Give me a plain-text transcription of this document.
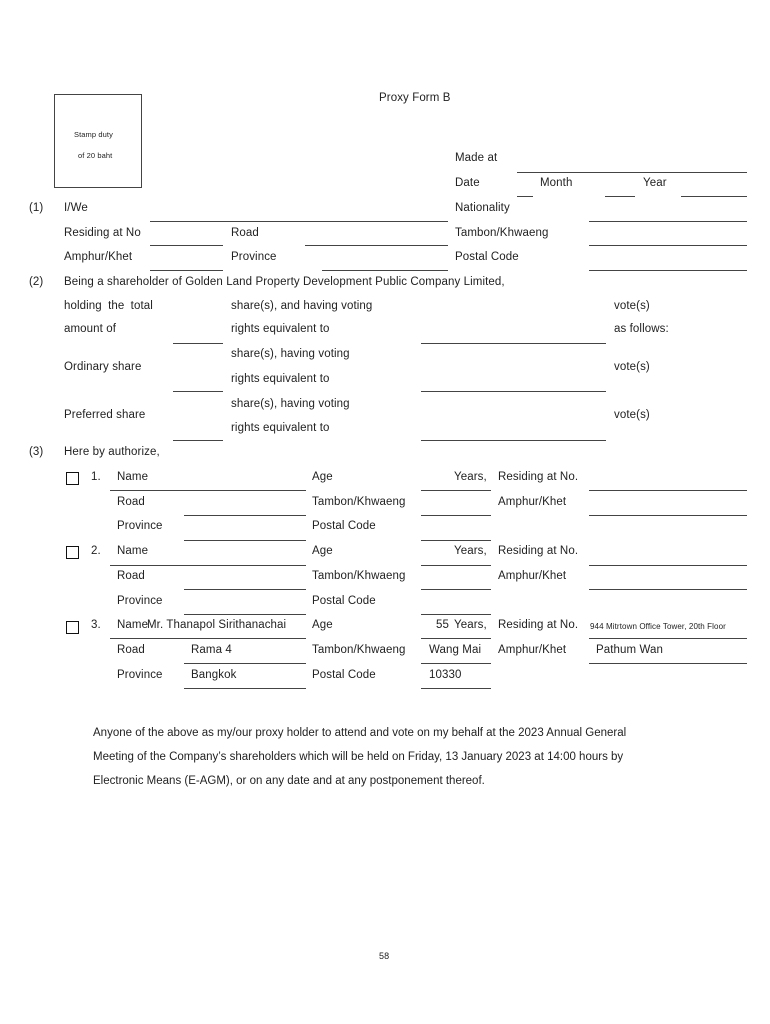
Proxy Form B
Stamp duty
of 20 baht	Made at
Date	Month	Year
(1) I/We	Nationality
Residing at No	Road	Tambon/Khwaeng
Amphur/Khet	Province	Postal Code
(2) Being a shareholder of Golden Land Property Development Public Company Limited,
holding the total
amount of
share(s), and having voting
rights equivalent to
vote(s)
as follows:
Ordinary share
share(s), having voting
rights equivalent to
vote(s)
Preferred share
share(s), having voting
rights equivalent to
vote(s)
(3) Here by authorize,
1. Name	Age	Years, Residing at No.
Road	Tambon/Khwaeng	Amphur/Khet
Province	Postal Code
2. Name	Age	Years, Residing at No.
Road	Tambon/Khwaeng	Amphur/Khet
Province	Postal Code
3. Name
Mr. Thanapol Sirithanachai Age	55 Years, Residing at No. 944 Mitrtown Office Tower, 20th Floor
Road	Rama 4	Tambon/Khwaeng Wang Mai Amphur/Khet	Pathum Wan
Province Bangkok	Postal Code	10330
Anyone of the above as my/our proxy holder to attend and vote on my behalf at the 2023 Annual General
Meeting of the Company’s shareholders which will be held on Friday, 13 January 2023 at 14:00 hours by
Electronic Means (E-AGM), or on any date and at any postponement thereof.
58
